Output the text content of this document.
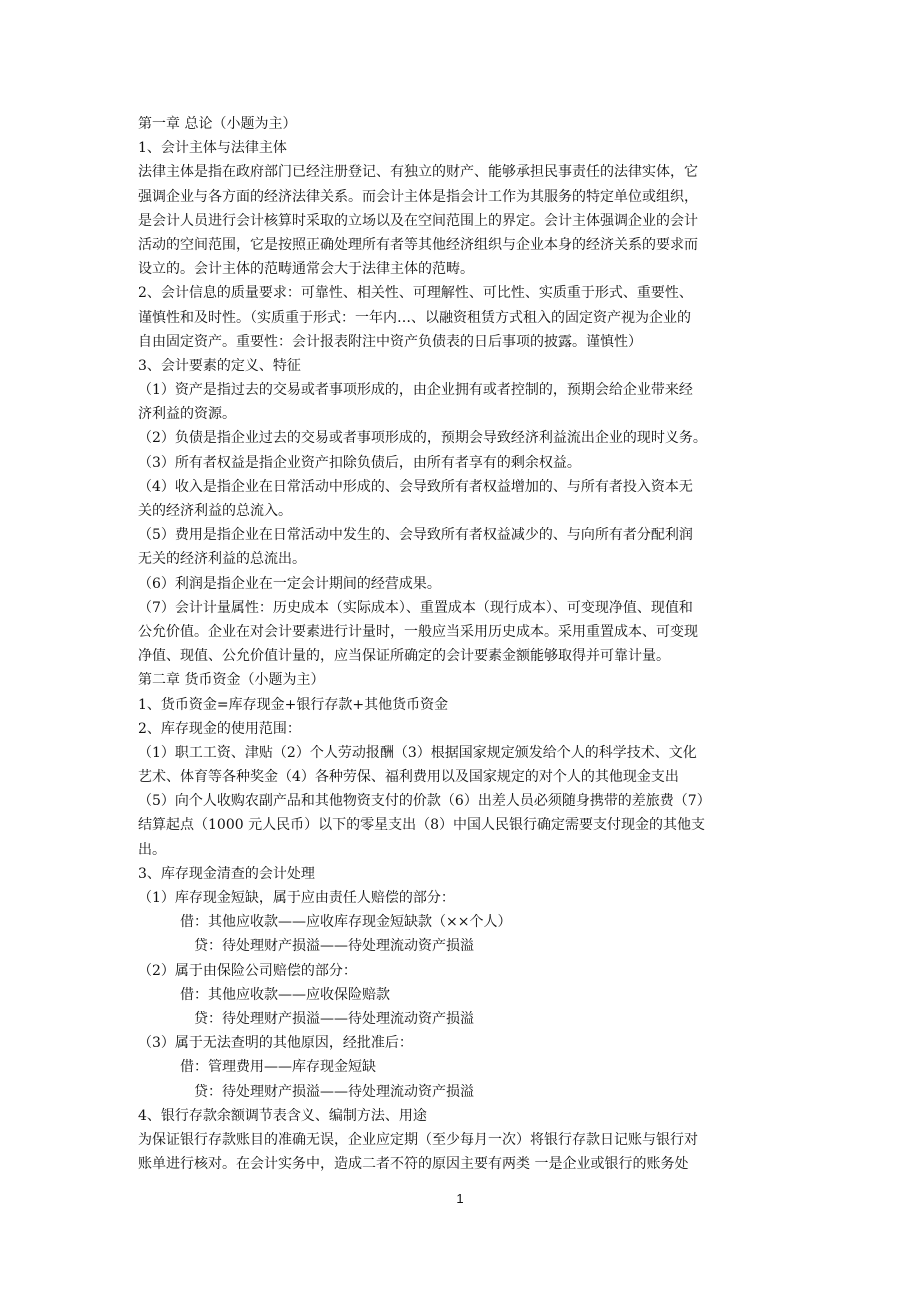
第一章 总论（小题为主）
1、会计主体与法律主体
法律主体是指在政府部门已经注册登记、有独立的财产、能够承担民事责任的法律实体，它
强调企业与各方面的经济法律关系。而会计主体是指会计工作为其服务的特定单位或组织，
是会计人员进行会计核算时采取的立场以及在空间范围上的界定。会计主体强调企业的会计
活动的空间范围，它是按照正确处理所有者等其他经济组织与企业本身的经济关系的要求而
设立的。会计主体的范畴通常会大于法律主体的范畴。
2、会计信息的质量要求：可靠性、相关性、可理解性、可比性、实质重于形式、重要性、
谨慎性和及时性。（实质重于形式：一年内…、以融资租赁方式租入的固定资产视为企业的
自由固定资产。重要性：会计报表附注中资产负债表的日后事项的披露。谨慎性）
3、会计要素的定义、特征
（1）资产是指过去的交易或者事项形成的，由企业拥有或者控制的，预期会给企业带来经
济利益的资源。
（2）负债是指企业过去的交易或者事项形成的，预期会导致经济利益流出企业的现时义务。
（3）所有者权益是指企业资产扣除负债后，由所有者享有的剩余权益。
（4）收入是指企业在日常活动中形成的、会导致所有者权益增加的、与所有者投入资本无
关的经济利益的总流入。
（5）费用是指企业在日常活动中发生的、会导致所有者权益减少的、与向所有者分配利润
无关的经济利益的总流出。
（6）利润是指企业在一定会计期间的经营成果。
（7）会计计量属性：历史成本（实际成本）、重置成本（现行成本）、可变现净值、现值和
公允价值。企业在对会计要素进行计量时，一般应当采用历史成本。采用重置成本、可变现
净值、现值、公允价值计量的，应当保证所确定的会计要素金额能够取得并可靠计量。
第二章 货币资金（小题为主）
1、货币资金=库存现金+银行存款+其他货币资金
2、库存现金的使用范围：
（1）职工工资、津贴（2）个人劳动报酬（3）根据国家规定颁发给个人的科学技术、文化
艺术、体育等各种奖金（4）各种劳保、福利费用以及国家规定的对个人的其他现金支出
（5）向个人收购农副产品和其他物资支付的价款（6）出差人员必须随身携带的差旅费（7）
结算起点（1000 元人民币）以下的零星支出（8）中国人民银行确定需要支付现金的其他支
出。
3、库存现金清查的会计处理
（1）库存现金短缺，属于应由责任人赔偿的部分：
借：其他应收款——应收库存现金短缺款（××个人）
贷：待处理财产损溢——待处理流动资产损溢
（2）属于由保险公司赔偿的部分：
借：其他应收款——应收保险赔款
贷：待处理财产损溢——待处理流动资产损溢
（3）属于无法查明的其他原因，经批准后：
借：管理费用——库存现金短缺
贷：待处理财产损溢——待处理流动资产损溢
4、银行存款余额调节表含义、编制方法、用途
为保证银行存款账目的准确无误，企业应定期（至少每月一次）将银行存款日记账与银行对
账单进行核对。在会计实务中，造成二者不符的原因主要有两类 一是企业或银行的账务处
1
